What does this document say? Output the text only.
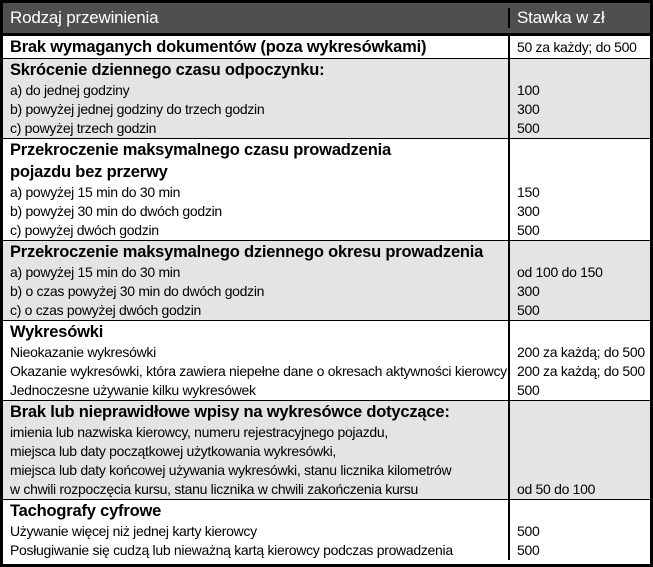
Rodzaj przewinienia	Stawka w zł
Brak wymaganych dokumentów (poza wykresówkami)	50 za każdy; do 500
Skrócenie dziennego czasu odpoczynku:
a) do jednej godziny	100
b) powyżej jednej godziny do trzech godzin	300
c) powyżej trzech godzin	500
Przekroczenie maksymalnego czasu prowadzenia
pojazdu bez przerwy
a) powyżej 15 min do 30 min	150
b) powyżej 30 min do dwóch godzin	300
c) powyżej dwóch godzin	500
Przekroczenie maksymalnego dziennego okresu prowadzenia
a) powyżej 15 min do 30 min	od 100 do 150
b) o czas powyżej 30 min do dwóch godzin	300
c) o czas powyżej dwóch godzin	500
Wykresówki
Nieokazanie wykresówki	200 za każdą; do 500
Okazanie wykresówki, która zawiera niepełne dane o okresach aktywności kierowcy 200 za każdą; do 500
Jednoczesne używanie kilku wykresówek	500
Brak lub nieprawidłowe wpisy na wykresówce dotyczące:
imienia lub nazwiska kierowcy, numeru rejestracyjnego pojazdu,
miejsca lub daty początkowej użytkowania wykresówki,
miejsca lub daty końcowej używania wykresówki, stanu licznika kilometrów
w chwili rozpoczęcia kursu, stanu licznika w chwili zakończenia kursu	od 50 do 100
Tachografy cyfrowe
Używanie więcej niż jednej karty kierowcy	500
Posługiwanie się cudzą lub nieważną kartą kierowcy podczas prowadzenia	500
